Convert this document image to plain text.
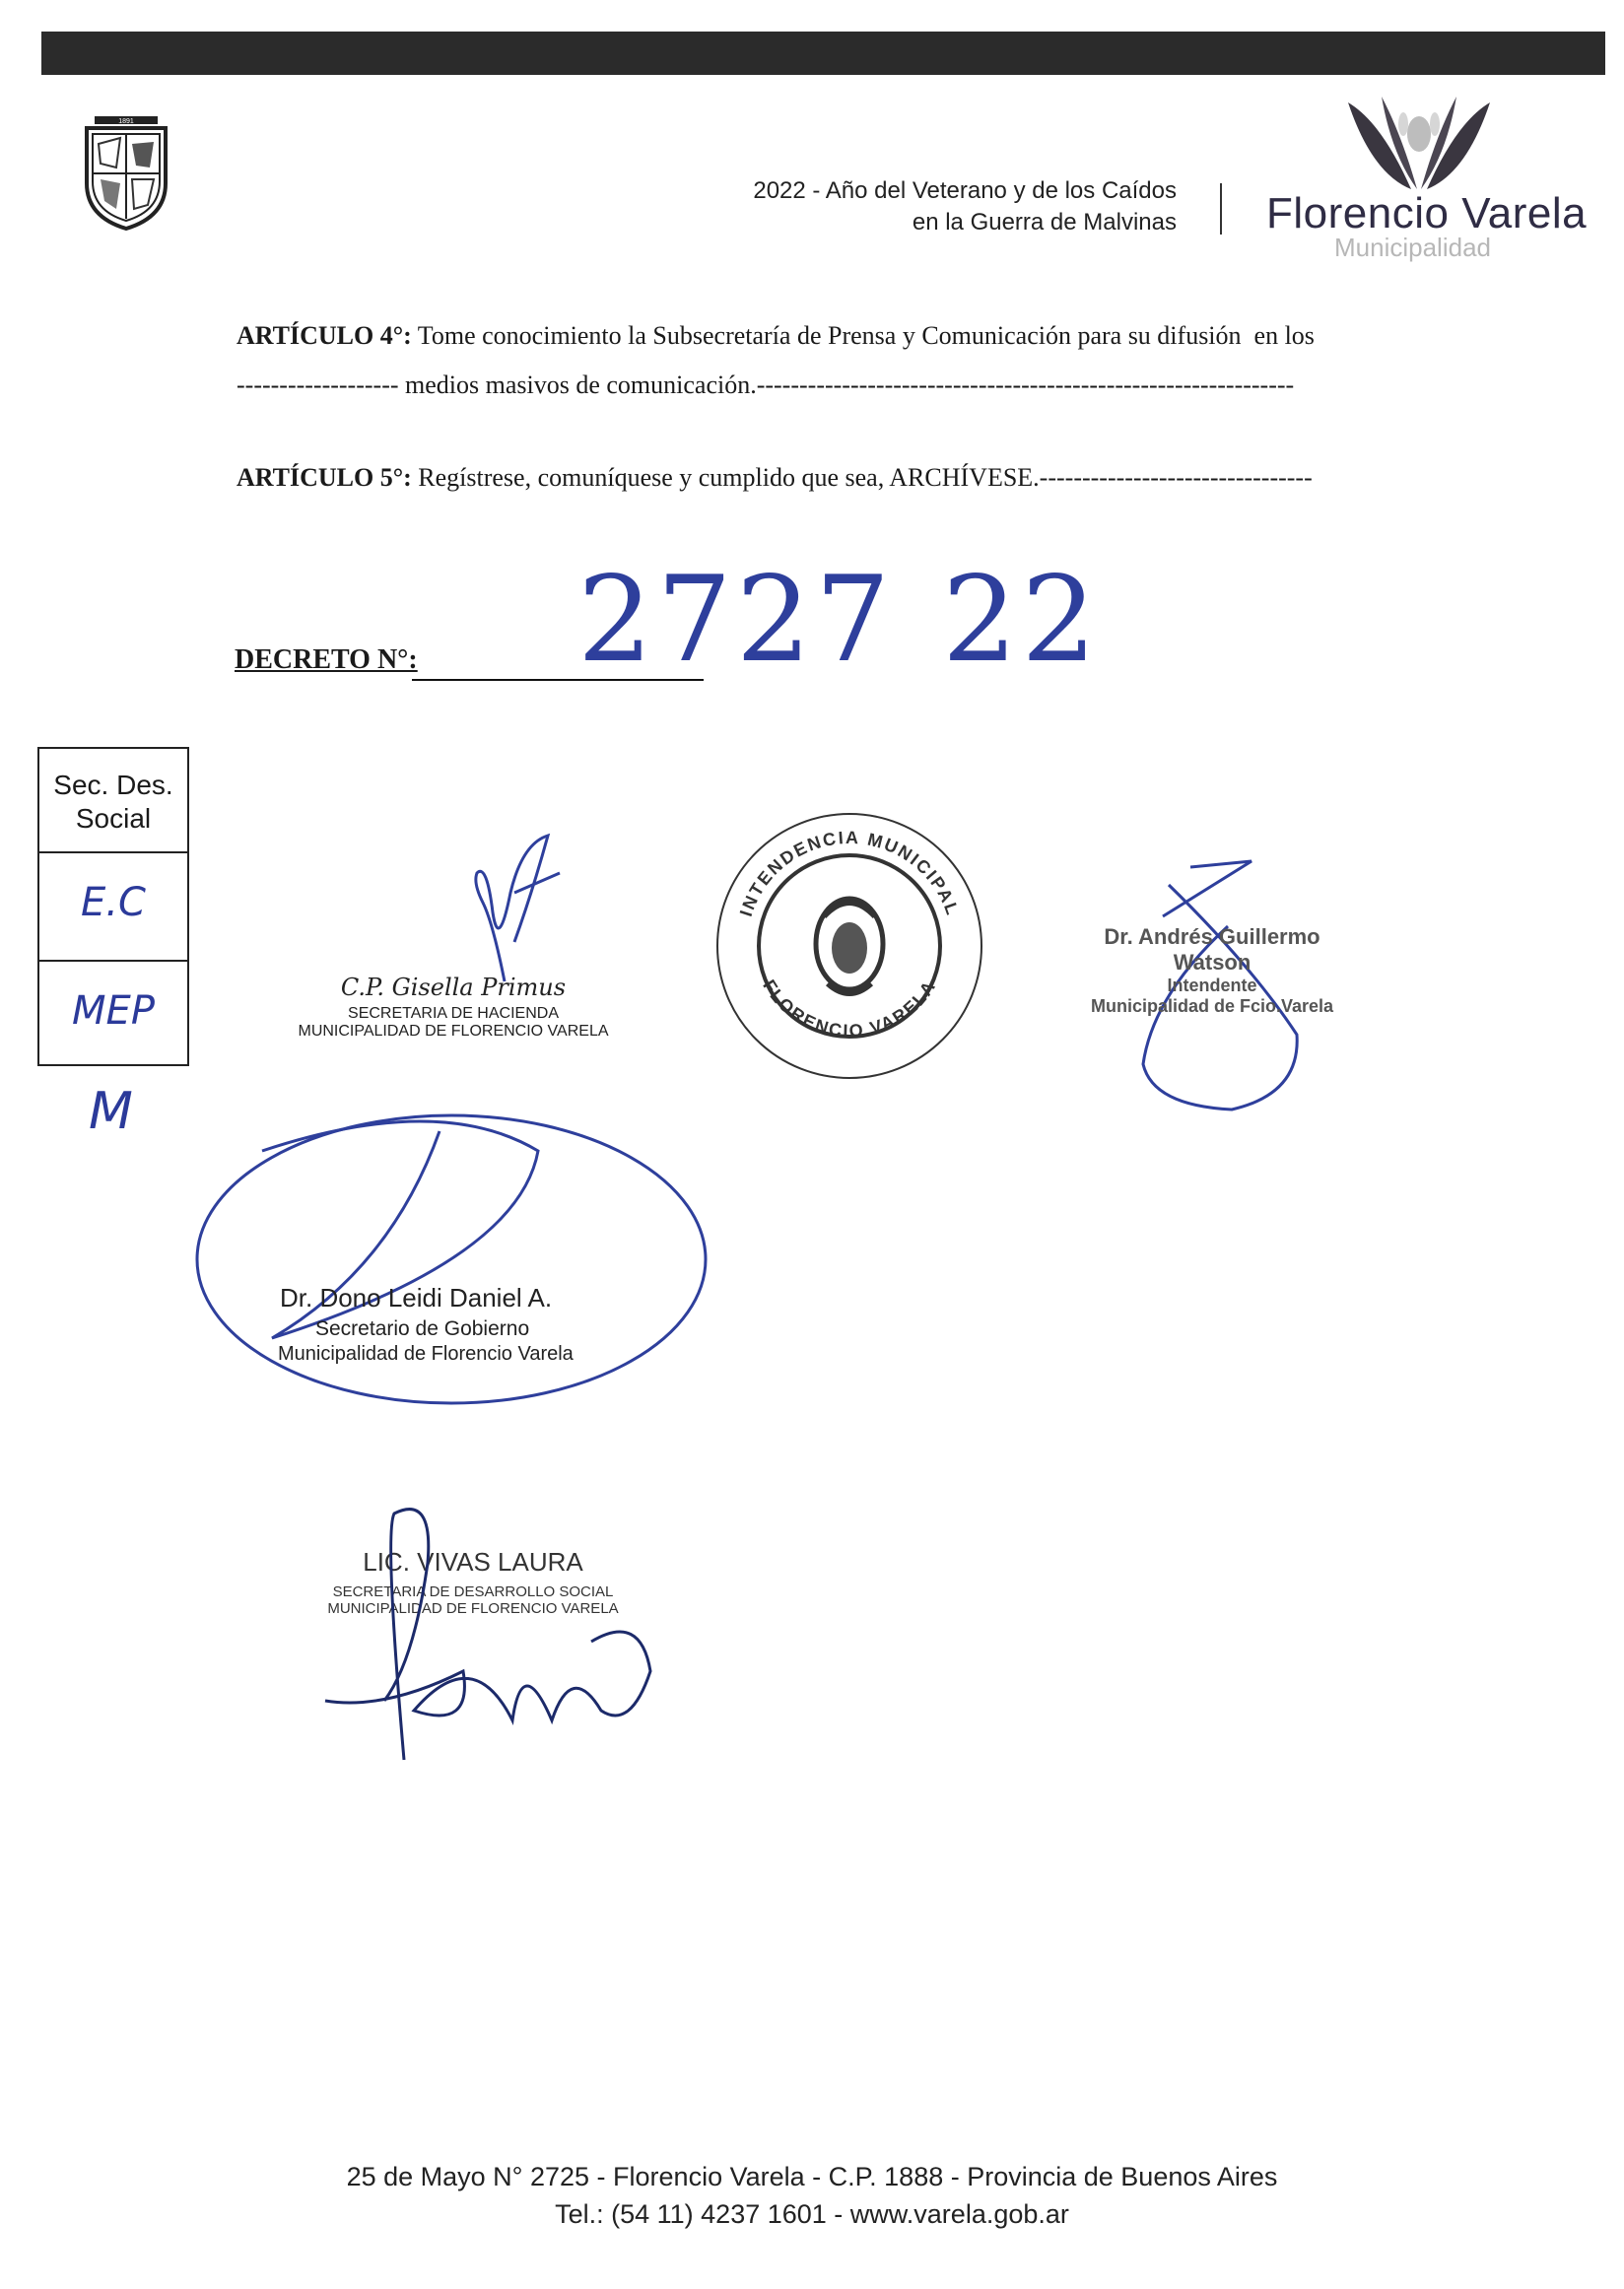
1891
2022 - Año del Veterano y de los Caídos
en la Guerra de Malvinas Florencio Varela
Municipalidad
ARTÍCULO 4°: Tome conocimiento la Subsecretaría de Prensa y Comunicación para su difusión  en los
------------------- medios masivos de comunicación.---------------------------------------------------------------
ARTÍCULO 5°: Regístrese, comuníquese y cumplido que sea, ARCHÍVESE.--------------------------------
DECRETO N°: 2727 22
Sec. Des. Social
E.C
MEP
M
C.P. Gisella Primus
SECRETARIA DE HACIENDA
MUNICIPALIDAD DE FLORENCIO VARELA
INTENDENCIA MUNICIPAL
FLORENCIO VARELA
Dr. Andrés Guillermo Watson
Intendente
Municipalidad de Fcio.Varela
Dr. Dono Leidi Daniel A.
Secretario de Gobierno
Municipalidad de Florencio Varela
LIC. VIVAS LAURA
SECRETARIA DE DESARROLLO SOCIAL
MUNICIPALIDAD DE FLORENCIO VARELA
25 de Mayo N° 2725 - Florencio Varela - C.P. 1888 - Provincia de Buenos Aires
Tel.: (54 11) 4237 1601 - www.varela.gob.ar
